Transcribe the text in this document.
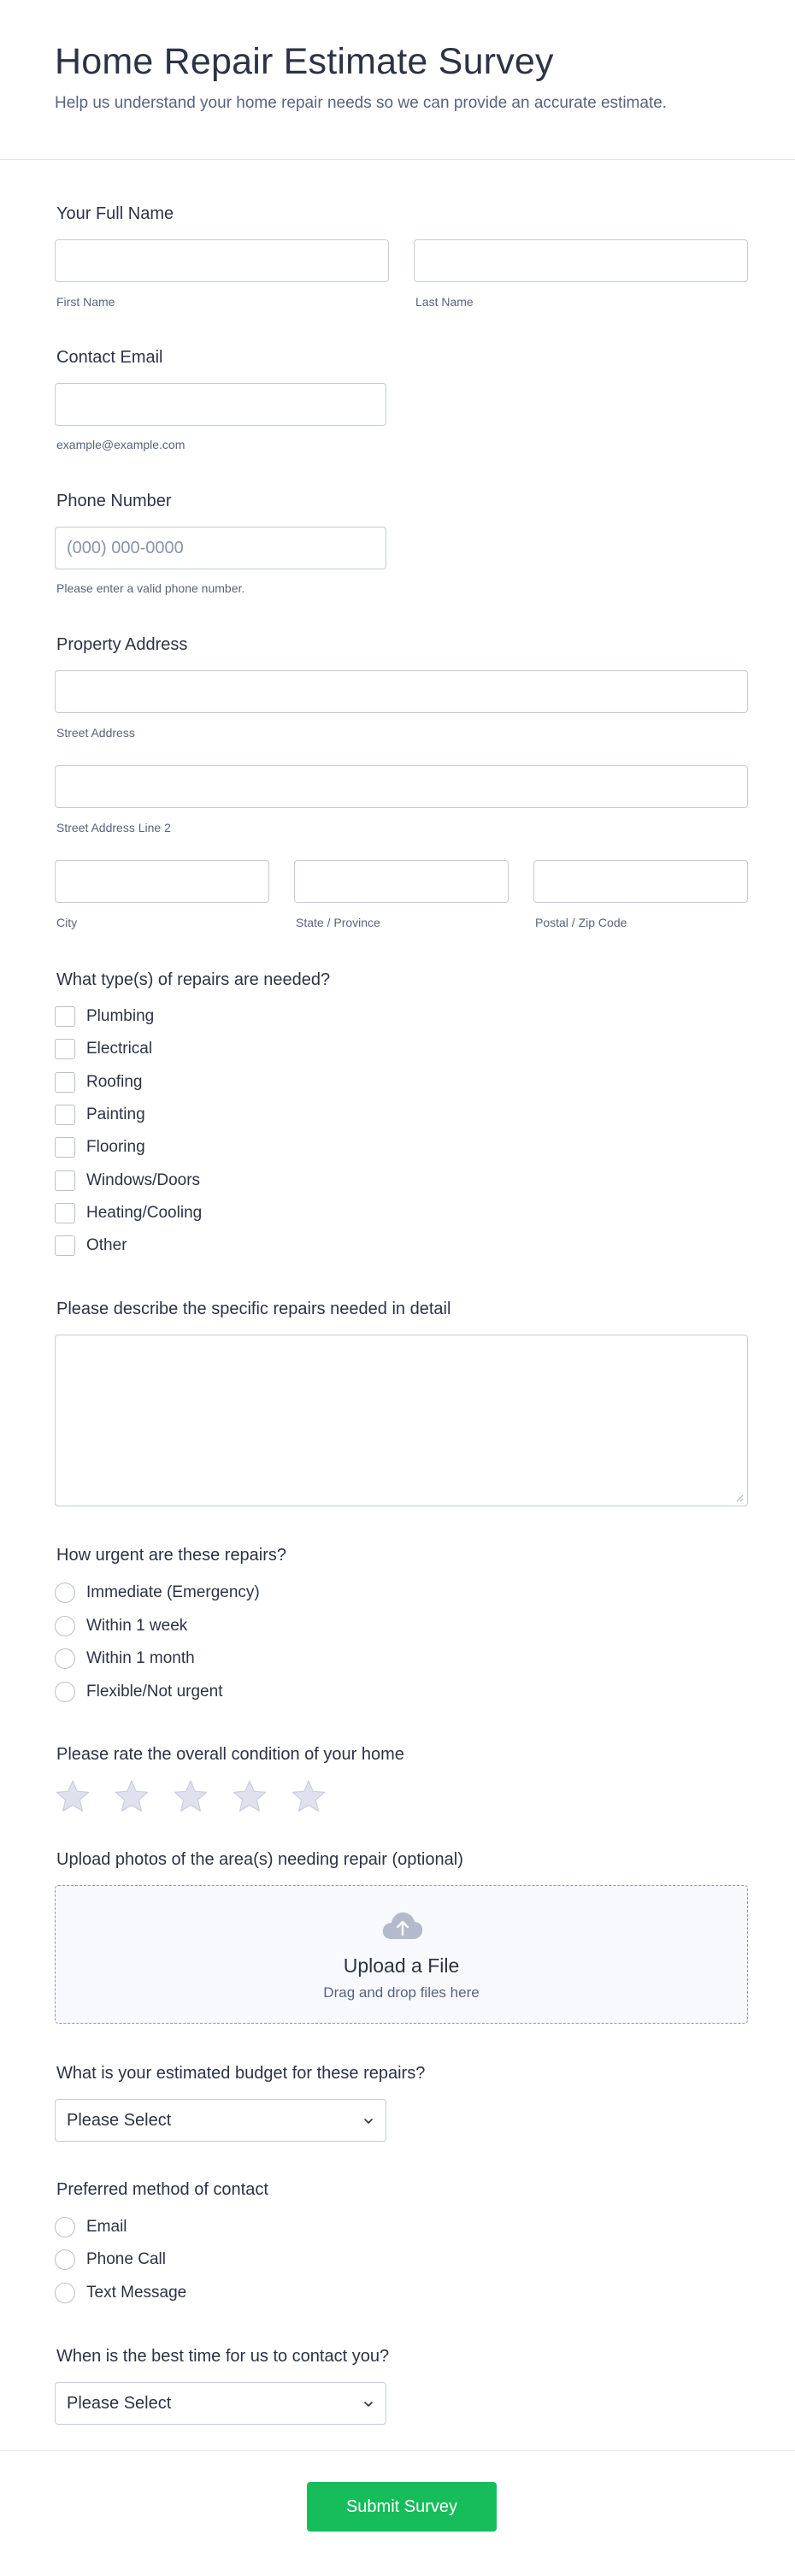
Home Repair Estimate Survey
Help us understand your home repair needs so we can provide an accurate estimate.
Your Full Name
First Name	Last Name
Contact Email
example@example.com
Phone Number
(000) 000-0000
Please enter a valid phone number.
Property Address
Street Address
Street Address Line 2
City	State / Province	Postal / Zip Code
What type(s) of repairs are needed?
Plumbing
Electrical
Roofing
Painting
Flooring
Windows/Doors
Heating/Cooling
Other
Please describe the specific repairs needed in detail
How urgent are these repairs?
Immediate (Emergency)
Within 1 week
Within 1 month
Flexible/Not urgent
Please rate the overall condition of your home
Upload photos of the area(s) needing repair (optional)
Upload a File
Drag and drop files here
What is your estimated budget for these repairs?
Please Select
Preferred method of contact
Email
Phone Call
Text Message
When is the best time for us to contact you?
Please Select
Submit Survey
